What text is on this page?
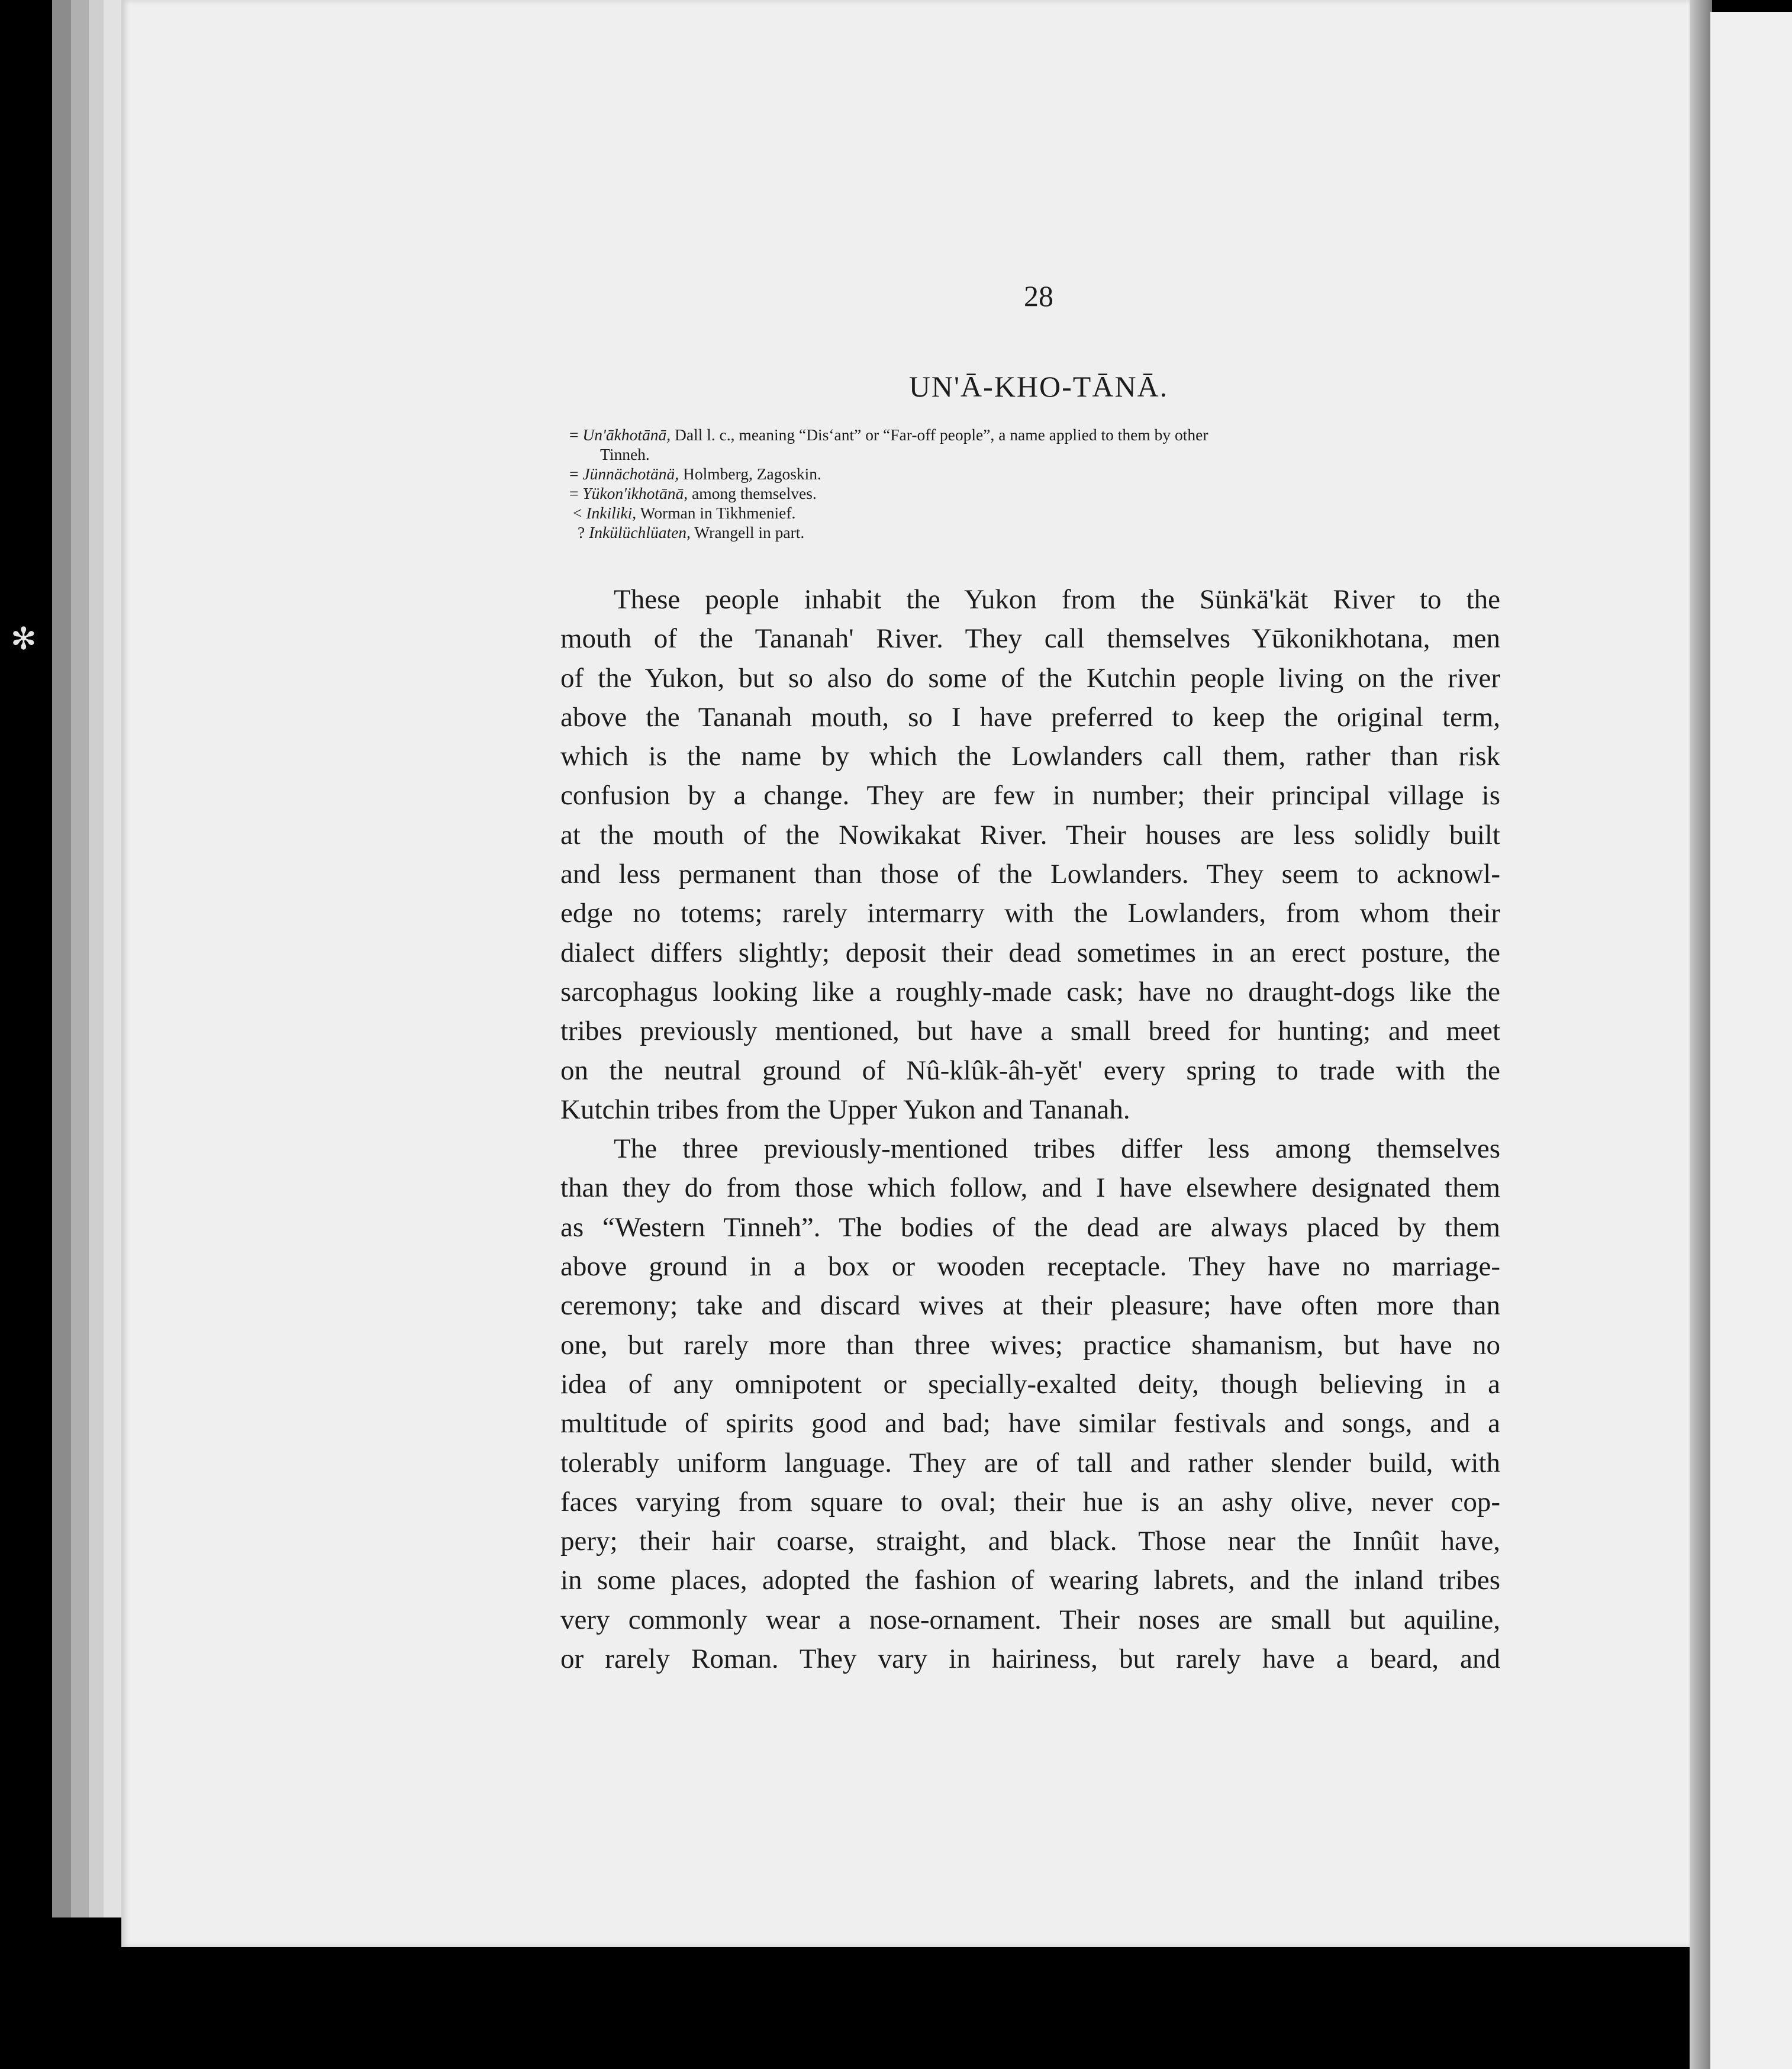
✻
28
UN'Ā-KHO-TĀNĀ.
= Un'ākhotānā, Dall l. c., meaning “Dis‘ant” or “Far-off people”, a name applied to them by other
Tinneh.
= Jünnächotänä, Holmberg, Zagoskin.
= Yükon'ikhotānā, among themselves.
< Inkiliki, Worman in Tikhmenief.
? Inkülüchlüaten, Wrangell in part.
These people inhabit the Yukon from the Sünkä'kät River to the
mouth of the Tananah' River. They call themselves Yūkonikhotana, men
of the Yukon, but so also do some of the Kutchin people living on the river
above the Tananah mouth, so I have preferred to keep the original term,
which is the name by which the Lowlanders call them, rather than risk
confusion by a change. They are few in number; their principal village is
at the mouth of the Nowikakat River. Their houses are less solidly built
and less permanent than those of the Lowlanders. They seem to acknowl-
edge no totems; rarely intermarry with the Lowlanders, from whom their
dialect differs slightly; deposit their dead sometimes in an erect posture, the
sarcophagus looking like a roughly-made cask; have no draught-dogs like the
tribes previously mentioned, but have a small breed for hunting; and meet
on the neutral ground of Nû-klûk-âh-yĕt' every spring to trade with the
Kutchin tribes from the Upper Yukon and Tananah.
The three previously-mentioned tribes differ less among themselves
than they do from those which follow, and I have elsewhere designated them
as “Western Tinneh”. The bodies of the dead are always placed by them
above ground in a box or wooden receptacle. They have no marriage-
ceremony; take and discard wives at their pleasure; have often more than
one, but rarely more than three wives; practice shamanism, but have no
idea of any omnipotent or specially-exalted deity, though believing in a
multitude of spirits good and bad; have similar festivals and songs, and a
tolerably uniform language. They are of tall and rather slender build, with
faces varying from square to oval; their hue is an ashy olive, never cop-
pery; their hair coarse, straight, and black. Those near the Innûit have,
in some places, adopted the fashion of wearing labrets, and the inland tribes
very commonly wear a nose-ornament. Their noses are small but aquiline,
or rarely Roman. They vary in hairiness, but rarely have a beard, and
